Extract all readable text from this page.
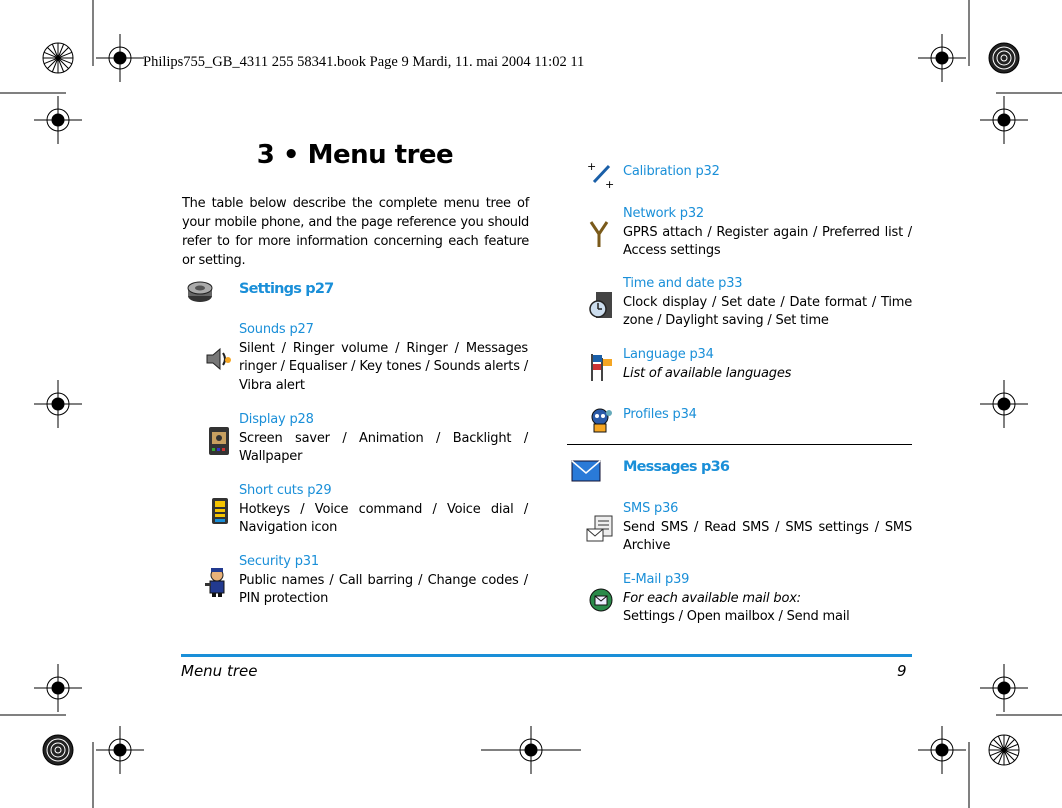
Philips755_GB_4311 255 58341.book Page 9 Mardi, 11. mai 2004 11:02 11
3 • Menu tree
The table below describe the complete menu tree of your mobile phone, and the page reference you should refer to for more information concerning each feature or setting.
Settings p27
Sounds p27
Silent / Ringer volume / Ringer / Messages ringer / Equaliser / Key tones / Sounds alerts / Vibra alert
Display p28
Screen saver / Animation / Backlight / Wallpaper
Short cuts p29
Hotkeys / Voice command / Voice dial / Navigation icon
Security p31
Public names / Call barring / Change codes / PIN protection
+
+
Calibration p32
Network p32
GPRS attach / Register again / Preferred list / Access settings
Time and date p33
Clock display / Set date / Date format / Time zone / Daylight saving / Set time
Language p34
List of available languages
Profiles p34
Messages p36
SMS p36
Send SMS / Read SMS / SMS settings / SMS Archive
E-Mail p39
For each available mail box:
Settings / Open mailbox / Send mail
Menu tree	9
